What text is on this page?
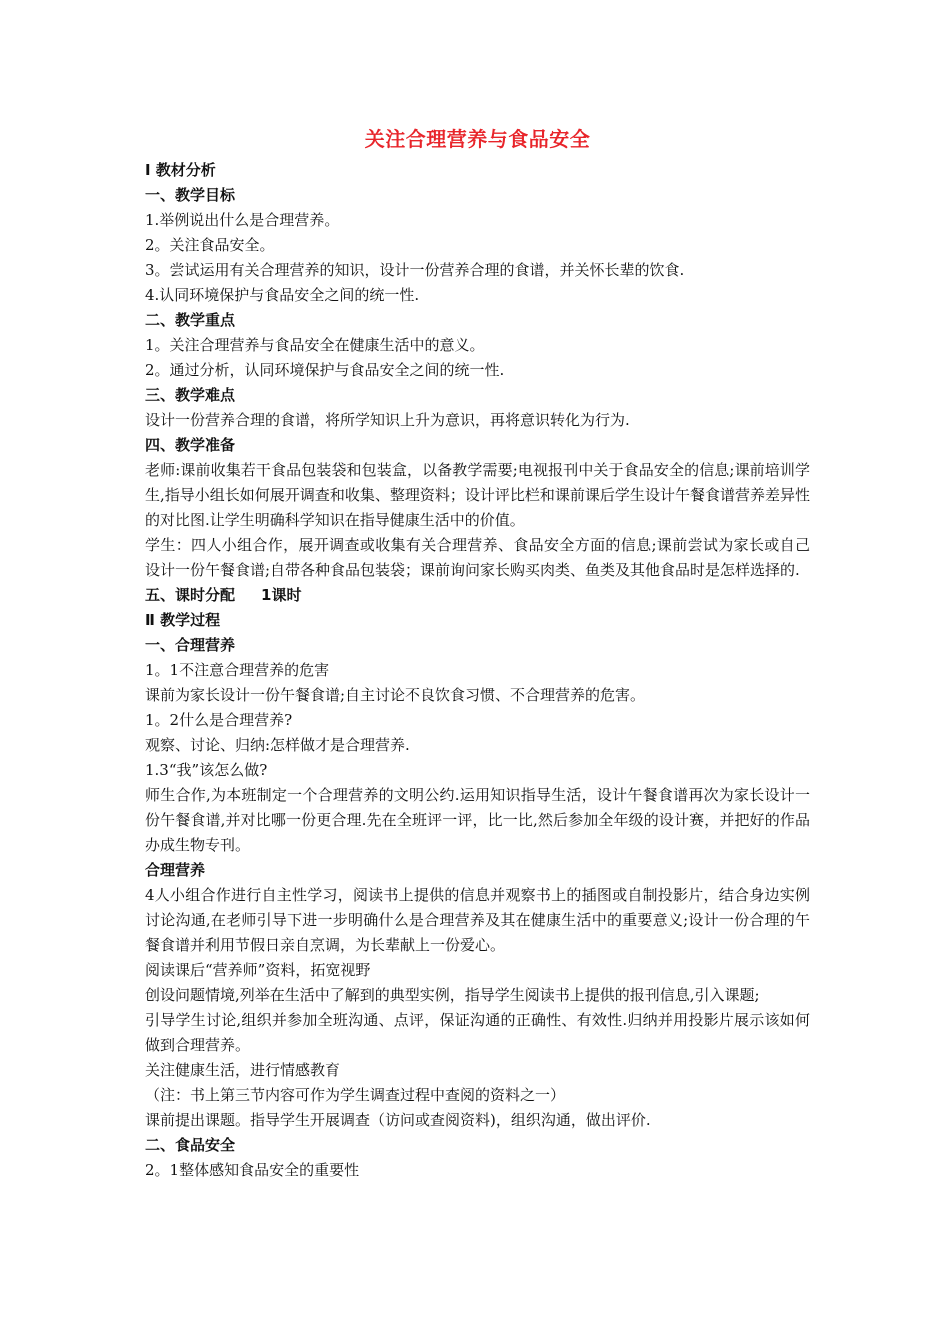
关注合理营养与食品安全
Ⅰ 教材分析
一、教学目标
1.举例说出什么是合理营养。
2。关注食品安全。
3。尝试运用有关合理营养的知识，设计一份营养合理的食谱，并关怀长辈的饮食.
4.认同环境保护与食品安全之间的统一性.
二、教学重点
1。关注合理营养与食品安全在健康生活中的意义。
2。通过分析，认同环境保护与食品安全之间的统一性.
三、教学难点
设计一份营养合理的食谱，将所学知识上升为意识，再将意识转化为行为.
四、教学准备
老师:课前收集若干食品包装袋和包装盒，以备教学需要;电视报刊中关于食品安全的信息;课前培训学生,指导小组长如何展开调查和收集、整理资料；设计评比栏和课前课后学生设计午餐食谱营养差异性的对比图.让学生明确科学知识在指导健康生活中的价值。
学生：四人小组合作，展开调查或收集有关合理营养、食品安全方面的信息;课前尝试为家长或自己设计一份午餐食谱;自带各种食品包装袋；课前询问家长购买肉类、鱼类及其他食品时是怎样选择的.
五、课时分配 1课时
Ⅱ 教学过程
一、合理营养
1。1不注意合理营养的危害
课前为家长设计一份午餐食谱;自主讨论不良饮食习惯、不合理营养的危害。
1。2什么是合理营养?
观察、讨论、归纳:怎样做才是合理营养.
1.3“我”该怎么做?
师生合作,为本班制定一个合理营养的文明公约.运用知识指导生活，设计午餐食谱再次为家长设计一份午餐食谱,并对比哪一份更合理.先在全班评一评，比一比,然后参加全年级的设计赛，并把好的作品办成生物专刊。
合理营养
4人小组合作进行自主性学习，阅读书上提供的信息并观察书上的插图或自制投影片，结合身边实例讨论沟通,在老师引导下进一步明确什么是合理营养及其在健康生活中的重要意义;设计一份合理的午餐食谱并利用节假日亲自烹调，为长辈献上一份爱心。
阅读课后“营养师”资料，拓宽视野
创设问题情境,列举在生活中了解到的典型实例，指导学生阅读书上提供的报刊信息,引入课题;
引导学生讨论,组织并参加全班沟通、点评，保证沟通的正确性、有效性.归纳并用投影片展示该如何做到合理营养。
关注健康生活，进行情感教育
（注：书上第三节内容可作为学生调查过程中查阅的资料之一）
课前提出课题。指导学生开展调查（访问或查阅资料)，组织沟通，做出评价.
二、食品安全
2。1整体感知食品安全的重要性
